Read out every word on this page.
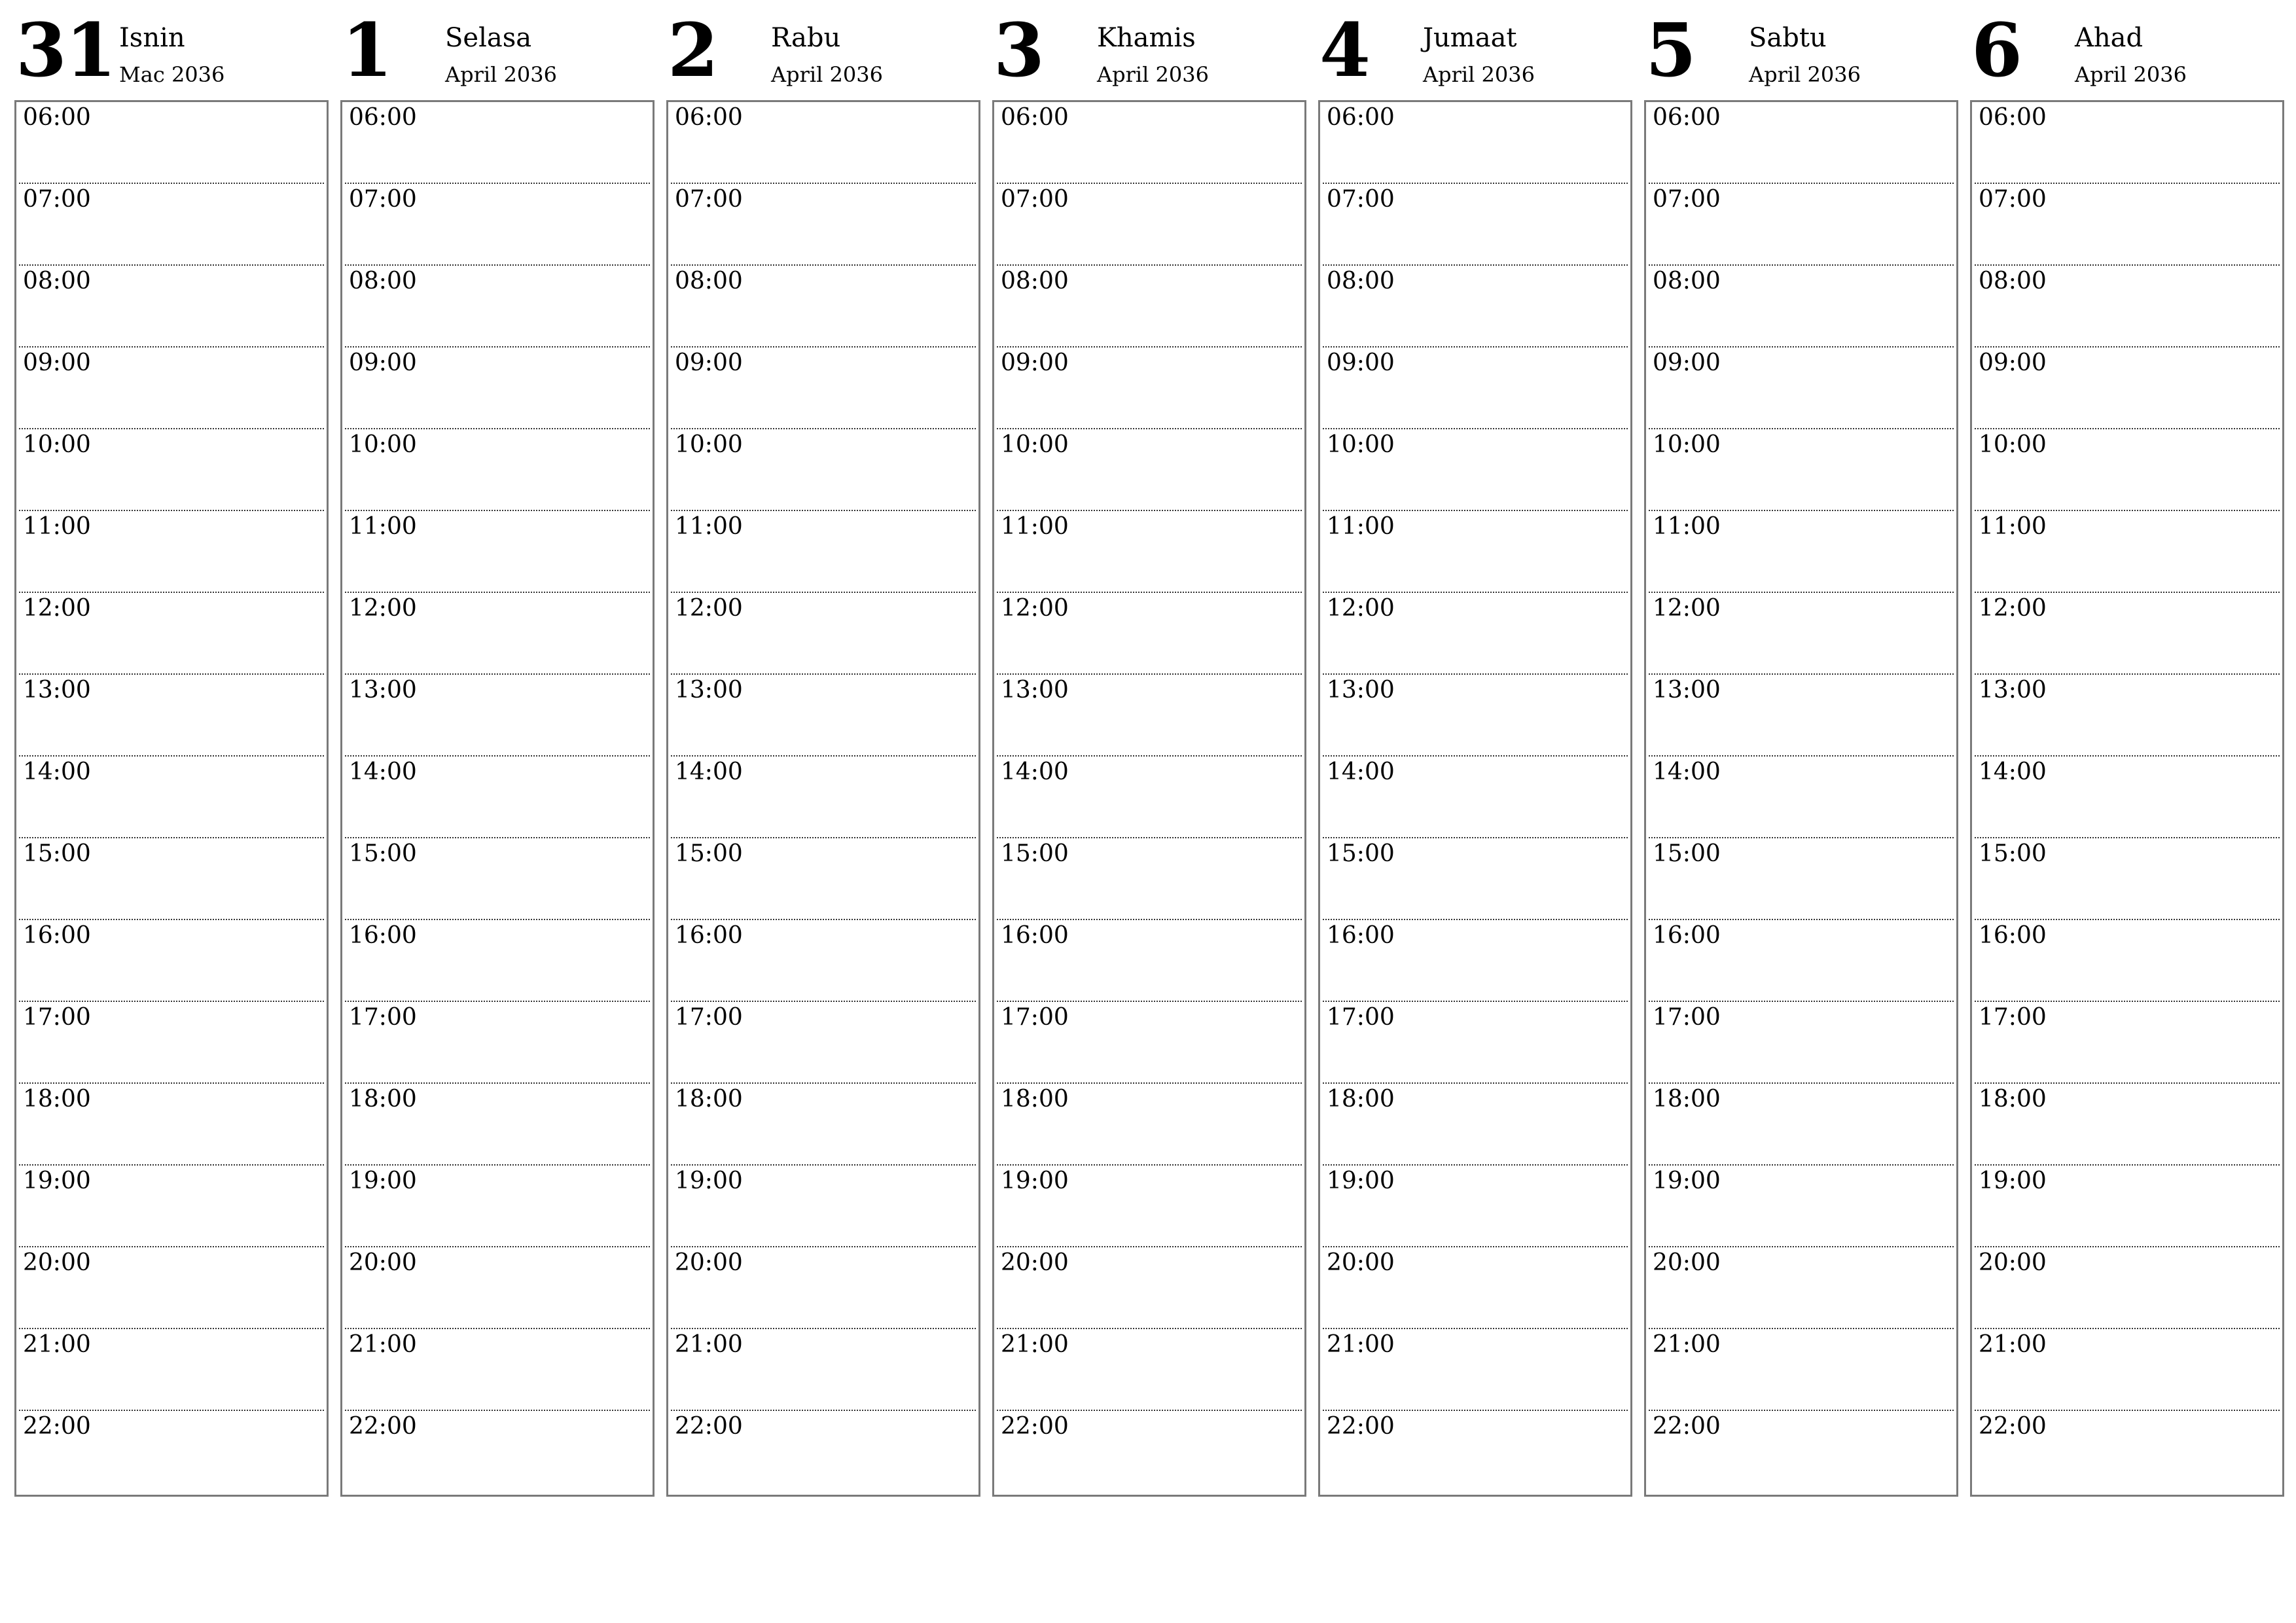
31 Isnin
Mac 2036
06:00
07:00
08:00
09:00
10:00
11:00
12:00
13:00
14:00
15:00
16:00
17:00
18:00
19:00
20:00
21:00
22:00
1 Selasa
April 2036
06:00
07:00
08:00
09:00
10:00
11:00
12:00
13:00
14:00
15:00
16:00
17:00
18:00
19:00
20:00
21:00
22:00
2 Rabu
April 2036
06:00
07:00
08:00
09:00
10:00
11:00
12:00
13:00
14:00
15:00
16:00
17:00
18:00
19:00
20:00
21:00
22:00
3 Khamis
April 2036
06:00
07:00
08:00
09:00
10:00
11:00
12:00
13:00
14:00
15:00
16:00
17:00
18:00
19:00
20:00
21:00
22:00
4 Jumaat
April 2036
06:00
07:00
08:00
09:00
10:00
11:00
12:00
13:00
14:00
15:00
16:00
17:00
18:00
19:00
20:00
21:00
22:00
5 Sabtu
April 2036
06:00
07:00
08:00
09:00
10:00
11:00
12:00
13:00
14:00
15:00
16:00
17:00
18:00
19:00
20:00
21:00
22:00
6 Ahad
April 2036
06:00
07:00
08:00
09:00
10:00
11:00
12:00
13:00
14:00
15:00
16:00
17:00
18:00
19:00
20:00
21:00
22:00
